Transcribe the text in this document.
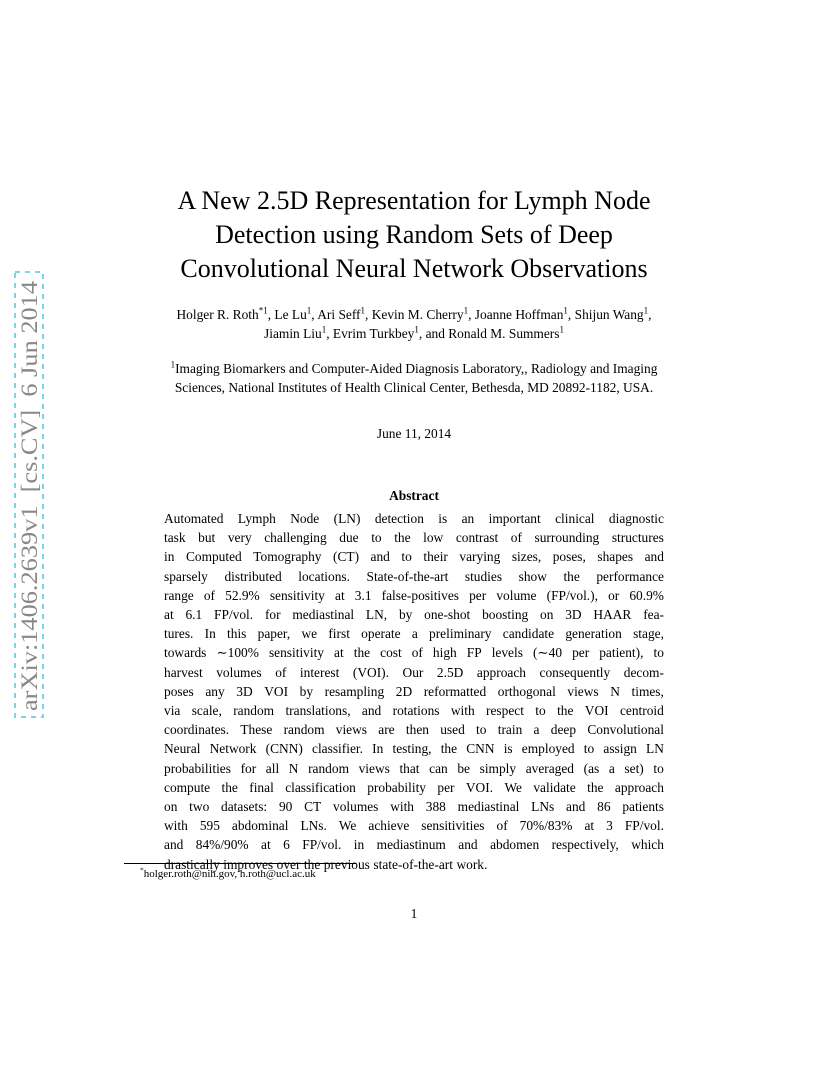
arXiv:1406.2639v1  [cs.CV]  6 Jun 2014
A New 2.5D Representation for Lymph Node
Detection using Random Sets of Deep
Convolutional Neural Network Observations
Holger R. Roth$^{*1}$, Le Lu$^1$, Ari Seff$^1$, Kevin M. Cherry$^1$, Joanne Hoffman$^1$, Shijun Wang$^1$,
Jiamin Liu$^1$, Evrim Turkbey$^1$, and Ronald M. Summers$^1$
$^1$Imaging Biomarkers and Computer-Aided Diagnosis Laboratory,, Radiology and Imaging
Sciences, National Institutes of Health Clinical Center, Bethesda, MD 20892-1182, USA.
June 11, 2014
Abstract
Automated Lymph Node (LN) detection is an important clinical diagnostic
task but very challenging due to the low contrast of surrounding structures
in Computed Tomography (CT) and to their varying sizes, poses, shapes and
sparsely distributed locations. State-of-the-art studies show the performance
range of 52.9% sensitivity at 3.1 false-positives per volume (FP/vol.), or 60.9%
at 6.1 FP/vol. for mediastinal LN, by one-shot boosting on 3D HAAR fea-
tures. In this paper, we first operate a preliminary candidate generation stage,
towards ∼100% sensitivity at the cost of high FP levels (∼40 per patient), to
harvest volumes of interest (VOI). Our 2.5D approach consequently decom-
poses any 3D VOI by resampling 2D reformatted orthogonal views N times,
via scale, random translations, and rotations with respect to the VOI centroid
coordinates. These random views are then used to train a deep Convolutional
Neural Network (CNN) classifier. In testing, the CNN is employed to assign LN
probabilities for all N random views that can be simply averaged (as a set) to
compute the final classification probability per VOI. We validate the approach
on two datasets: 90 CT volumes with 388 mediastinal LNs and 86 patients
with 595 abdominal LNs. We achieve sensitivities of 70%/83% at 3 FP/vol.
and 84%/90% at 6 FP/vol. in mediastinum and abdomen respectively, which
drastically improves over the previous state-of-the-art work.
*holger.roth@nih.gov, h.roth@ucl.ac.uk
1
